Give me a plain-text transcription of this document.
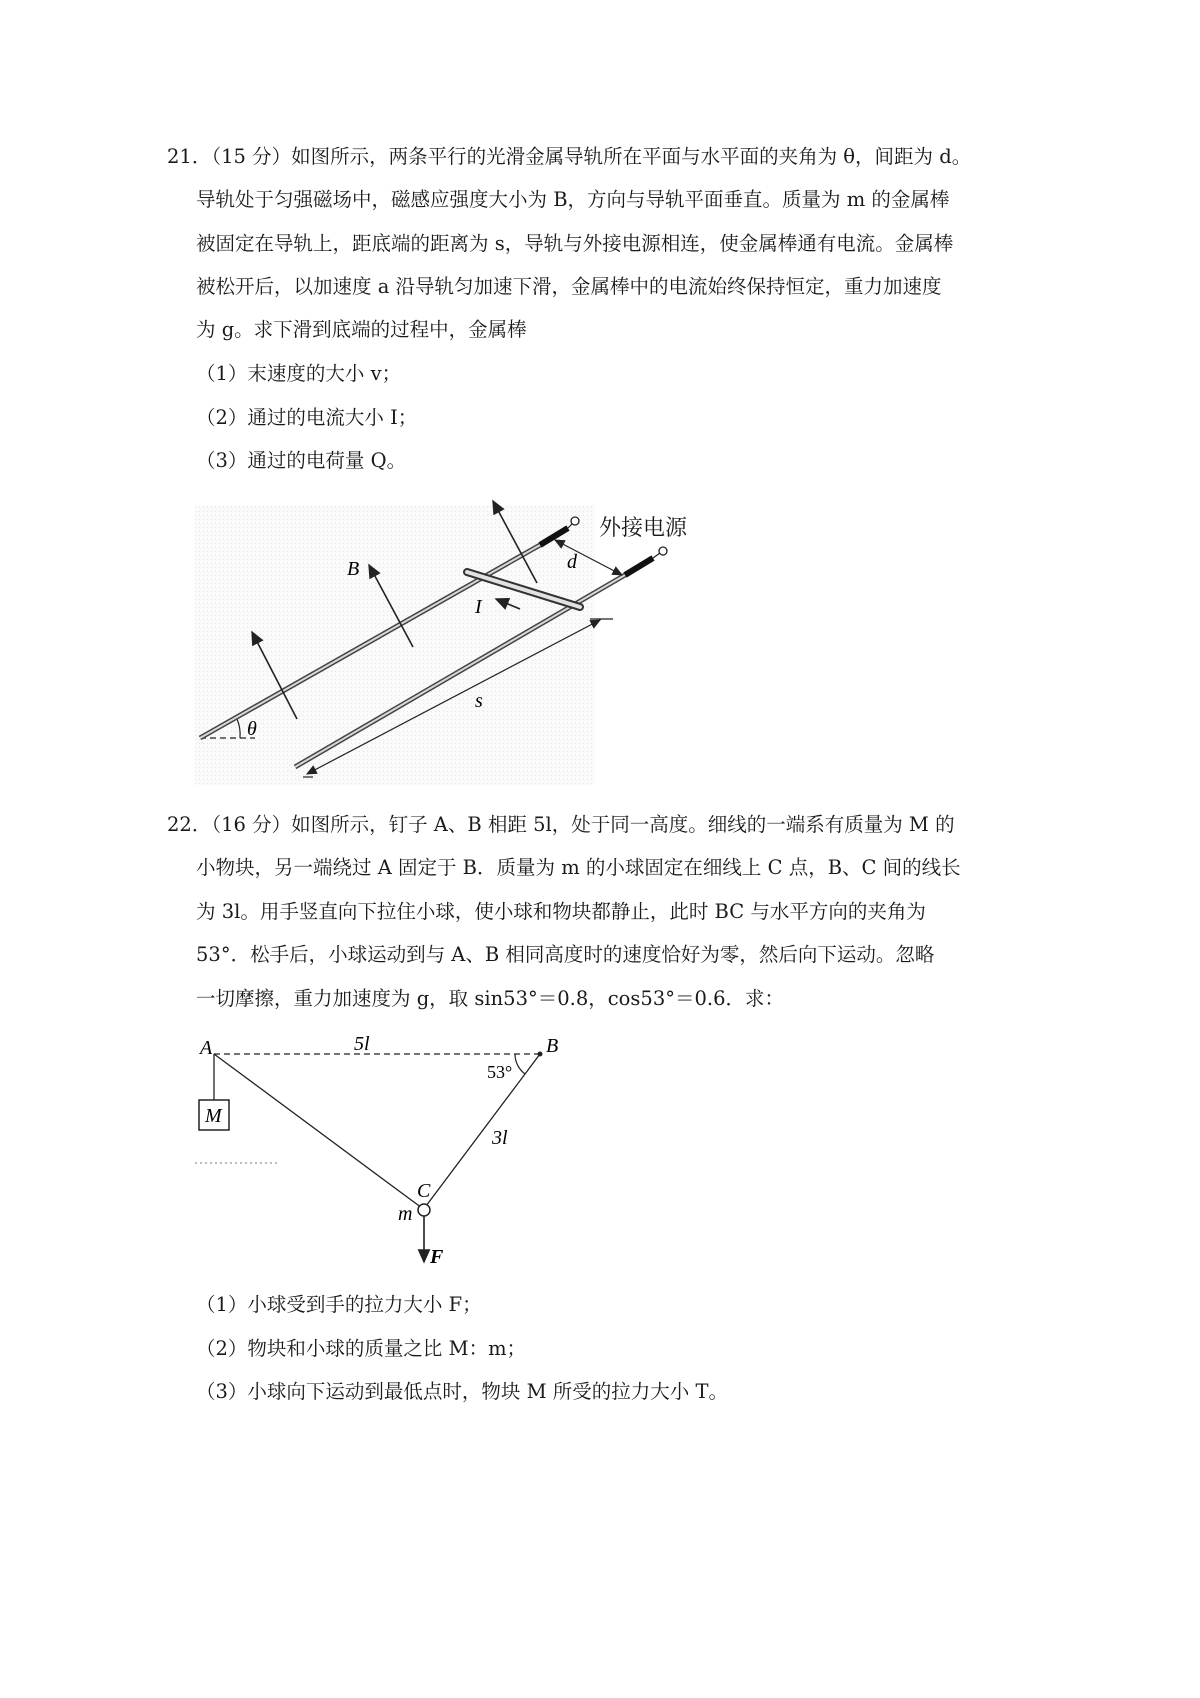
21．（15 分）如图所示，两条平行的光滑金属导轨所在平面与水平面的夹角为 θ，间距为 d。
导轨处于匀强磁场中，磁感应强度大小为 B，方向与导轨平面垂直。质量为 m 的金属棒
被固定在导轨上，距底端的距离为 s，导轨与外接电源相连，使金属棒通有电流。金属棒
被松开后，以加速度 a 沿导轨匀加速下滑，金属棒中的电流始终保持恒定，重力加速度
为 g。求下滑到底端的过程中，金属棒
（1）末速度的大小 v；
（2）通过的电流大小 I；
（3）通过的电荷量 Q。
θ
B
I
d
s
外接电源
22．（16 分）如图所示，钉子 A、B 相距 5l，处于同一高度。细线的一端系有质量为 M 的
小物块，另一端绕过 A 固定于 B．质量为 m 的小球固定在细线上 C 点，B、C 间的线长
为 3l。用手竖直向下拉住小球，使小球和物块都静止，此时 BC 与水平方向的夹角为
53°．松手后，小球运动到与 A、B 相同高度时的速度恰好为零，然后向下运动。忽略
一切摩擦，重力加速度为 g，取 sin53°＝0.8，cos53°＝0.6．求：
（1）小球受到手的拉力大小 F；
（2）物块和小球的质量之比 M：m；
（3）小球向下运动到最低点时，物块 M 所受的拉力大小 T。
A	B
5l
M
53°
3l
C
m
F
